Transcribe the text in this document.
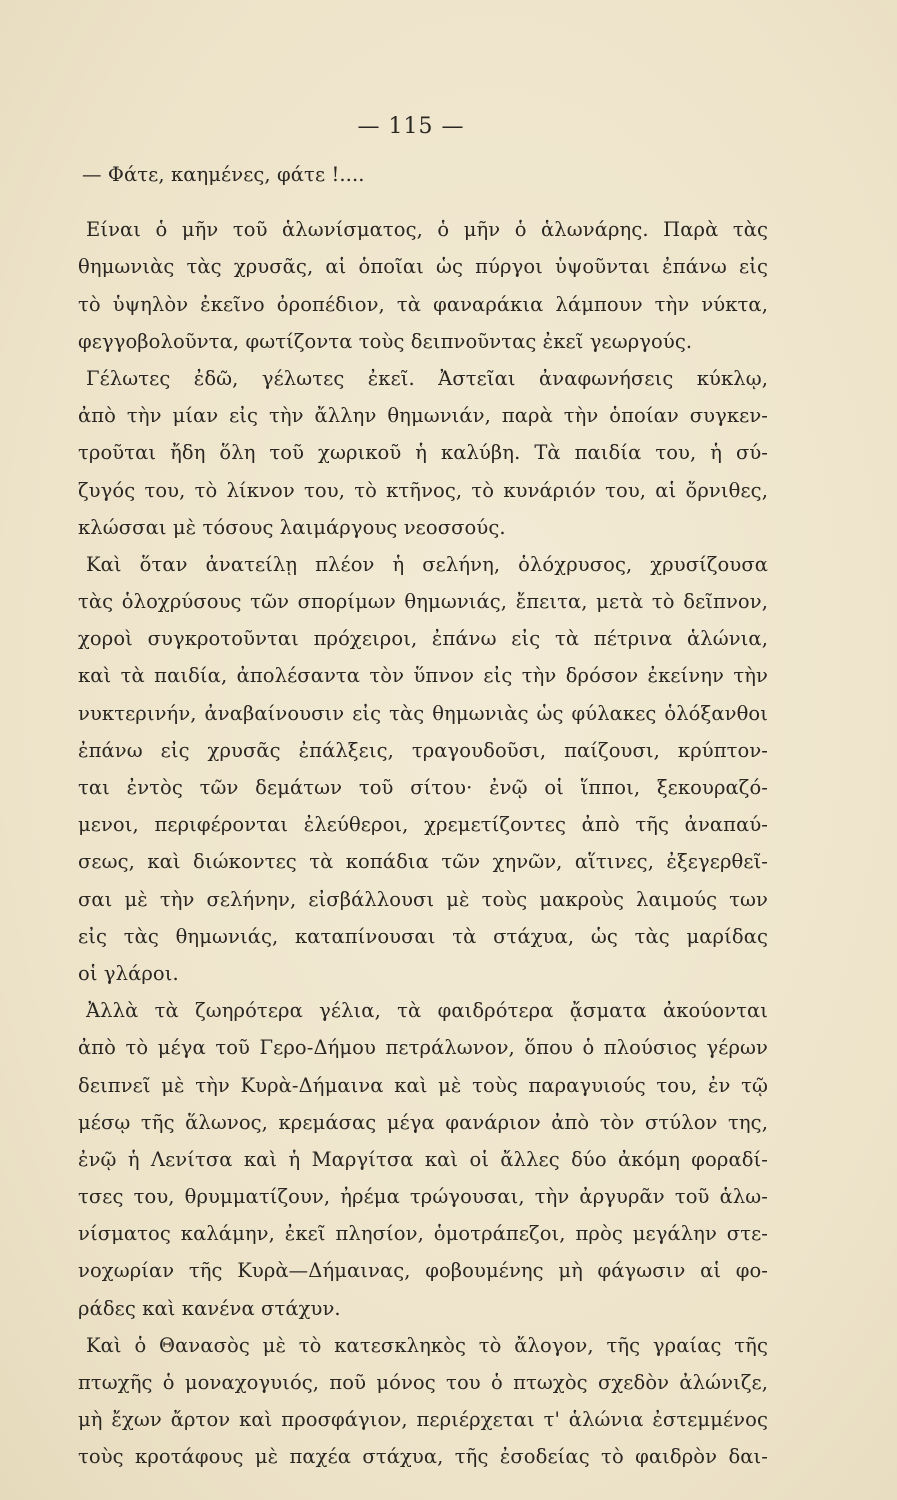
— 115 —
— Φάτε, καημένες, φάτε !....
Είναι ὁ μῆν τοῦ ἁλωνίσματος, ὁ μῆν ὁ ἁλωνάρης. Παρὰ τὰς
θημωνιὰς τὰς χρυσᾶς, αἱ ὁποῖαι ὡς πύργοι ὑψοῦνται ἐπάνω εἰς
τὸ ὑψηλὸν ἐκεῖνο ὀροπέδιον, τὰ φαναράκια λάμπουν τὴν νύκτα,
φεγγοβολοῦντα, φωτίζοντα τοὺς δειπνοῦντας ἐκεῖ γεωργούς.
Γέλωτες ἐδῶ, γέλωτες ἐκεῖ. Ἀστεῖαι ἀναφωνήσεις κύκλῳ,
ἀπὸ τὴν μίαν εἰς τὴν ἄλλην θημωνιάν, παρὰ τὴν ὁποίαν συγκεν-
τροῦται ἤδη ὅλη τοῦ χωρικοῦ ἡ καλύβη. Τὰ παιδία του, ἡ σύ-
ζυγός του, τὸ λίκνον του, τὸ κτῆνος, τὸ κυνάριόν του, αἱ ὄρνιθες,
κλώσσαι μὲ τόσους λαιμάργους νεοσσούς.
Καὶ ὅταν ἀνατείλῃ πλέον ἡ σελήνη, ὁλόχρυσος, χρυσίζουσα
τὰς ὁλοχρύσους τῶν σπορίμων θημωνιάς, ἔπειτα, μετὰ τὸ δεῖπνον,
χοροὶ συγκροτοῦνται πρόχειροι, ἐπάνω εἰς τὰ πέτρινα ἁλώνια,
καὶ τὰ παιδία, ἀπολέσαντα τὸν ὕπνον εἰς τὴν δρόσον ἐκείνην τὴν
νυκτερινήν, ἀναβαίνουσιν εἰς τὰς θημωνιὰς ὡς φύλακες ὁλόξανθοι
ἐπάνω εἰς χρυσᾶς ἐπάλξεις, τραγουδοῦσι, παίζουσι, κρύπτον-
ται ἐντὸς τῶν δεμάτων τοῦ σίτου· ἐνῷ οἱ ἵπποι, ξεκουραζό-
μενοι, περιφέρονται ἐλεύθεροι, χρεμετίζοντες ἀπὸ τῆς ἀναπαύ-
σεως, καὶ διώκοντες τὰ κοπάδια τῶν χηνῶν, αἵτινες, ἐξεγερθεῖ-
σαι μὲ τὴν σελήνην, εἰσβάλλουσι μὲ τοὺς μακροὺς λαιμούς των
εἰς τὰς θημωνιάς, καταπίνουσαι τὰ στάχυα, ὡς τὰς μαρίδας
οἱ γλάροι.
Ἀλλὰ τὰ ζωηρότερα γέλια, τὰ φαιδρότερα ᾄσματα ἀκούονται
ἀπὸ τὸ μέγα τοῦ Γερο-Δήμου πετράλωνον, ὅπου ὁ πλούσιος γέρων
δειπνεῖ μὲ τὴν Κυρὰ-Δήμαινα καὶ μὲ τοὺς παραγυιούς του, ἐν τῷ
μέσῳ τῆς ἅλωνος, κρεμάσας μέγα φανάριον ἀπὸ τὸν στύλον της,
ἐνῷ ἡ Λενίτσα καὶ ἡ Μαργίτσα καὶ οἱ ἄλλες δύο ἀκόμη φοραδί-
τσες του, θρυμματίζουν, ἠρέμα τρώγουσαι, τὴν ἀργυρᾶν τοῦ ἁλω-
νίσματος καλάμην, ἐκεῖ πλησίον, ὁμοτράπεζοι, πρὸς μεγάλην στε-
νοχωρίαν τῆς Κυρὰ—Δήμαινας, φοβουμένης μὴ φάγωσιν αἱ φο-
ράδες καὶ κανένα στάχυν.
Καὶ ὁ Θανασὸς μὲ τὸ κατεσκληκὸς τὸ ἄλογον, τῆς γραίας τῆς
πτωχῆς ὁ μοναχογυιός, ποῦ μόνος του ὁ πτωχὸς σχεδὸν ἀλώνιζε,
μὴ ἔχων ἄρτον καὶ προσφάγιον, περιέρχεται τ' ἁλώνια ἐστεμμένος
τοὺς κροτάφους μὲ παχέα στάχυα, τῆς ἐσοδείας τὸ φαιδρὸν δαι-
